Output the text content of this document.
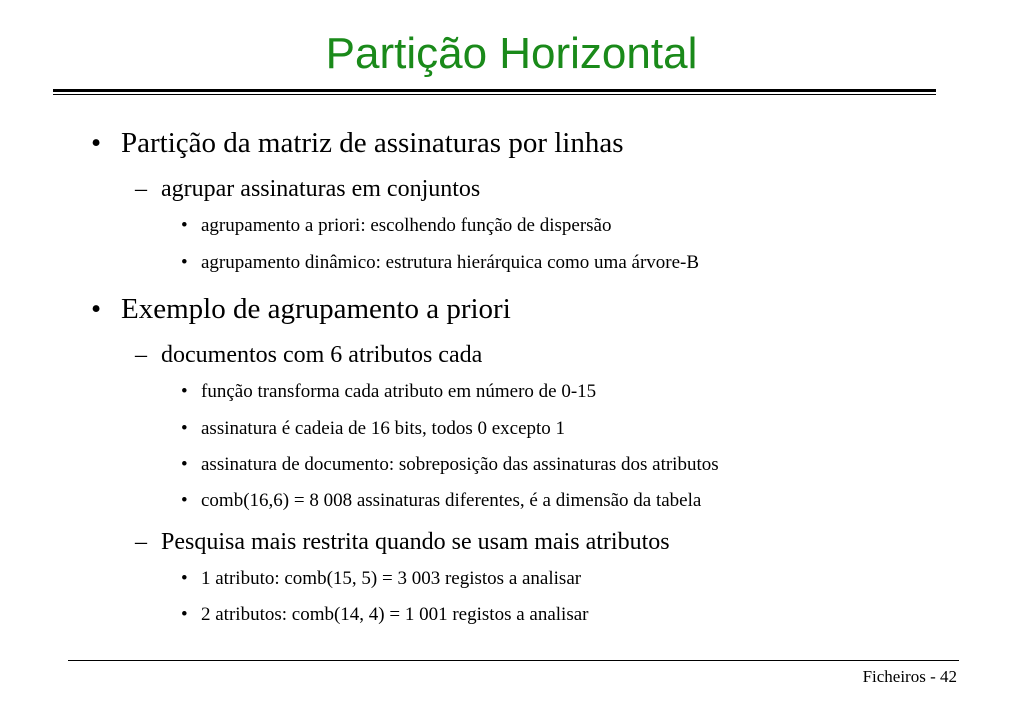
Partição Horizontal
• Partição da matriz de assinaturas por linhas
– agrupar assinaturas em conjuntos
• agrupamento a priori: escolhendo função de dispersão
• agrupamento dinâmico: estrutura hierárquica como uma árvore-B
• Exemplo de agrupamento a priori
– documentos com 6 atributos cada
• função transforma cada atributo em número de 0-15
• assinatura é cadeia de 16 bits, todos 0 excepto 1
• assinatura de documento: sobreposição das assinaturas dos atributos
• comb(16,6) = 8 008 assinaturas diferentes, é a dimensão da tabela
– Pesquisa mais restrita quando se usam mais atributos
• 1 atributo: comb(15, 5) = 3 003 registos a analisar
• 2 atributos: comb(14, 4) = 1 001 registos a analisar
Ficheiros - 42
